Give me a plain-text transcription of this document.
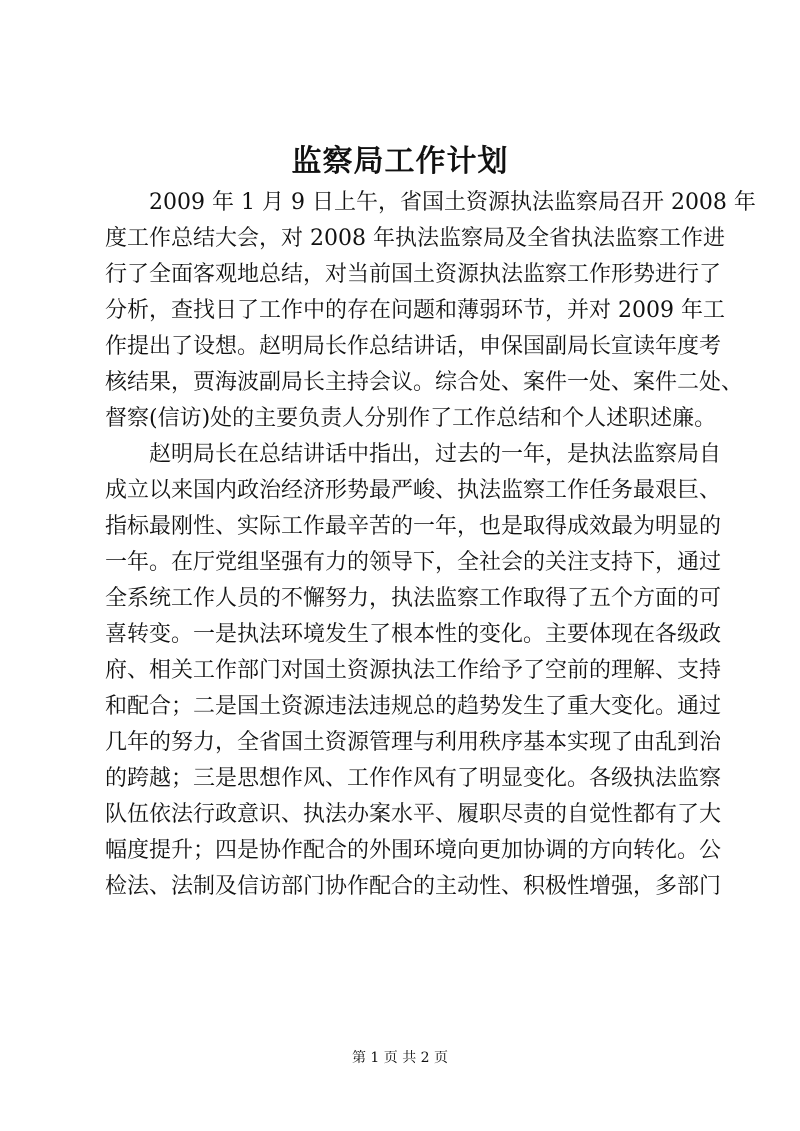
监察局工作计划

2009 年 1 月 9 日上午，省国土资源执法监察局召开 2008 年
度工作总结大会，对 2008 年执法监察局及全省执法监察工作进
行了全面客观地总结，对当前国土资源执法监察工作形势进行了
分析，查找日了工作中的存在问题和薄弱环节，并对 2009 年工
作提出了设想。赵明局长作总结讲话，申保国副局长宣读年度考
核结果，贾海波副局长主持会议。综合处、案件一处、案件二处、
督察(信访)处的主要负责人分别作了工作总结和个人述职述廉。

赵明局长在总结讲话中指出，过去的一年，是执法监察局自
成立以来国内政治经济形势最严峻、执法监察工作任务最艰巨、
指标最刚性、实际工作最辛苦的一年，也是取得成效最为明显的
一年。在厅党组坚强有力的领导下，全社会的关注支持下，通过
全系统工作人员的不懈努力，执法监察工作取得了五个方面的可
喜转变。一是执法环境发生了根本性的变化。主要体现在各级政
府、相关工作部门对国土资源执法工作给予了空前的理解、支持
和配合；二是国土资源违法违规总的趋势发生了重大变化。通过
几年的努力，全省国土资源管理与利用秩序基本实现了由乱到治
的跨越；三是思想作风、工作作风有了明显变化。各级执法监察
队伍依法行政意识、执法办案水平、履职尽责的自觉性都有了大
幅度提升；四是协作配合的外围环境向更加协调的方向转化。公
检法、法制及信访部门协作配合的主动性、积极性增强，多部门

第 1 页 共 2 页
